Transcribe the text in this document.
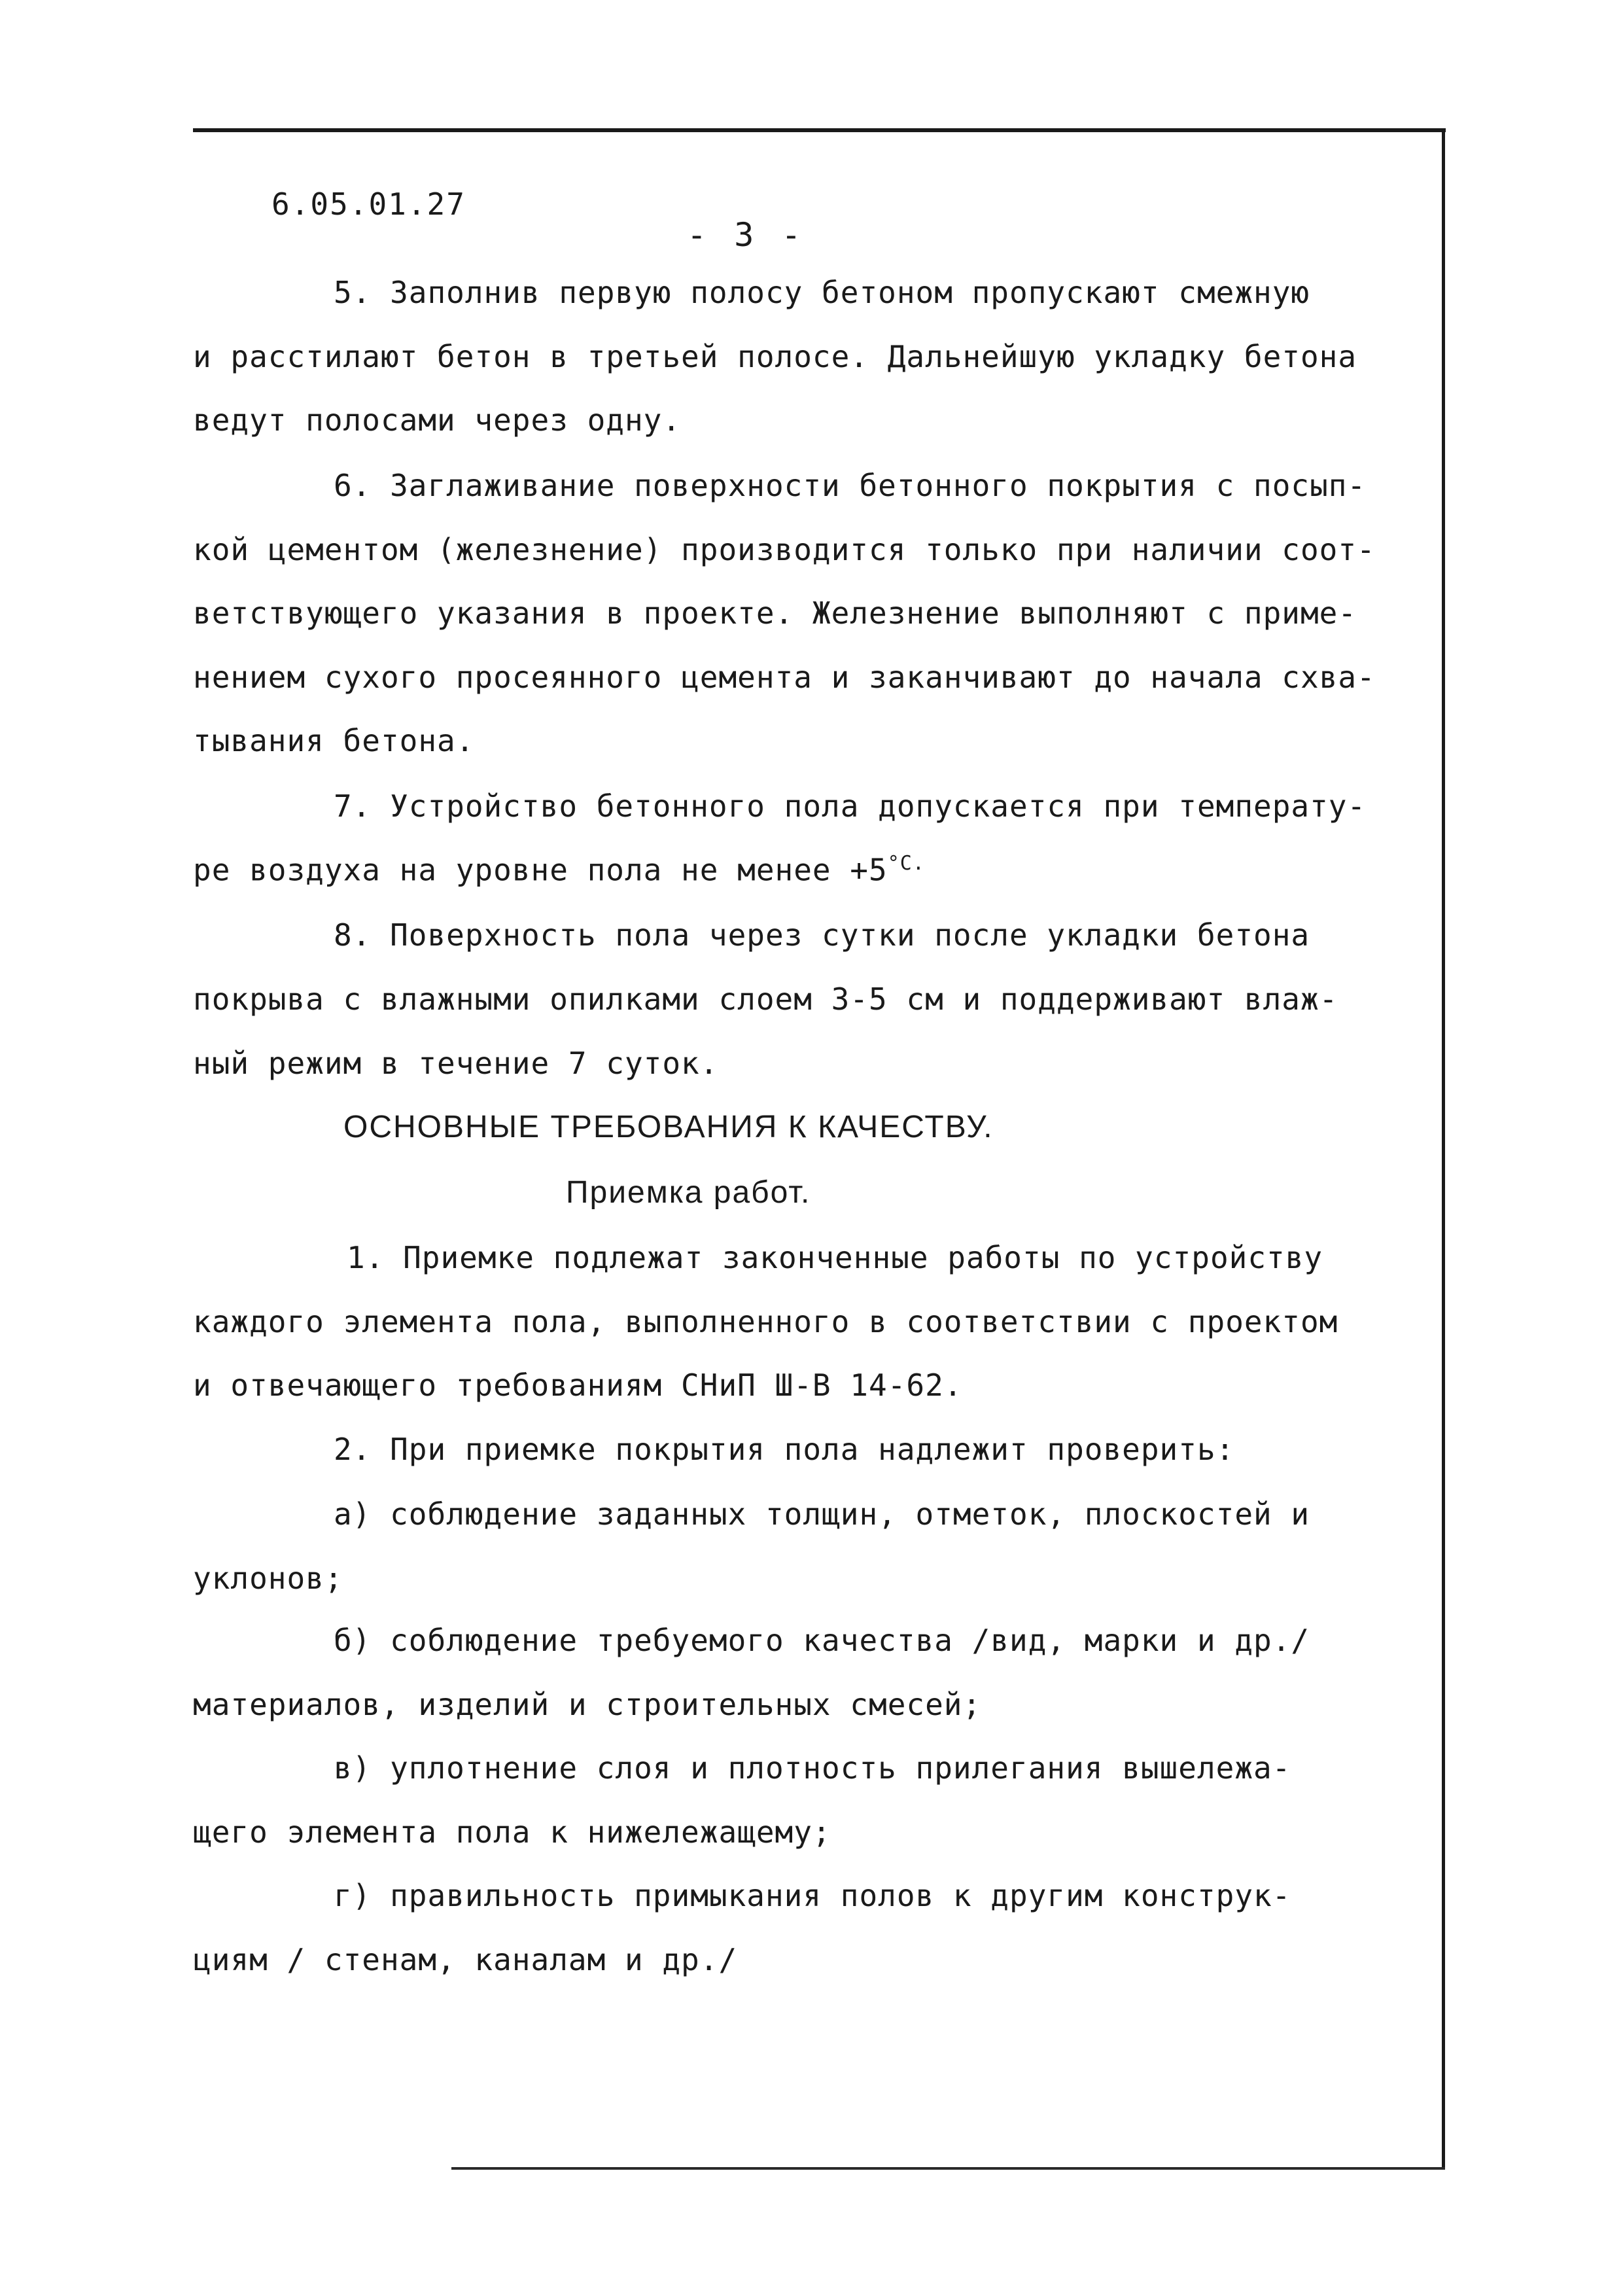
6.05.01.27
- 3 -
5. Заполнив первую полосу бетоном пропускают смежную
и расстилают бетон в третьей полосе. Дальнейшую укладку бетона
ведут полосами через одну.
6. Заглаживание поверхности бетонного покрытия с посып-
кой цементом (железнение) производится только при наличии соот-
ветствующего указания в проекте. Железнение выполняют с приме-
нением сухого просеянного цемента и заканчивают до начала схва-
тывания бетона.
7. Устройство бетонного пола допускается при температу-
ре воздуха на уровне пола не менее $+5^{^\circ С.}$
8. Поверхность пола через сутки после укладки бетона
покрыва с влажными опилками слоем 3-5 см и поддерживают влаж-
ный режим в течение 7 суток.
ОСНОВНЫЕ ТРЕБОВАНИЯ К КАЧЕСТВУ.
Приемка работ.
1. Приемке подлежат законченные работы по устройству
каждого элемента пола, выполненного в соответствии с проектом
и отвечающего требованиям СНиП Ш-В 14-62.
2. При приемке покрытия пола надлежит проверить:
а) соблюдение заданных толщин, отметок, плоскостей и
уклонов;
б) соблюдение требуемого качества /вид, марки и др./
материалов, изделий и строительных смесей;
в) уплотнение слоя и плотность прилегания вышележа-
щего элемента пола к нижележащему;
г) правильность примыкания полов к другим конструк-
циям / стенам, каналам и др./
